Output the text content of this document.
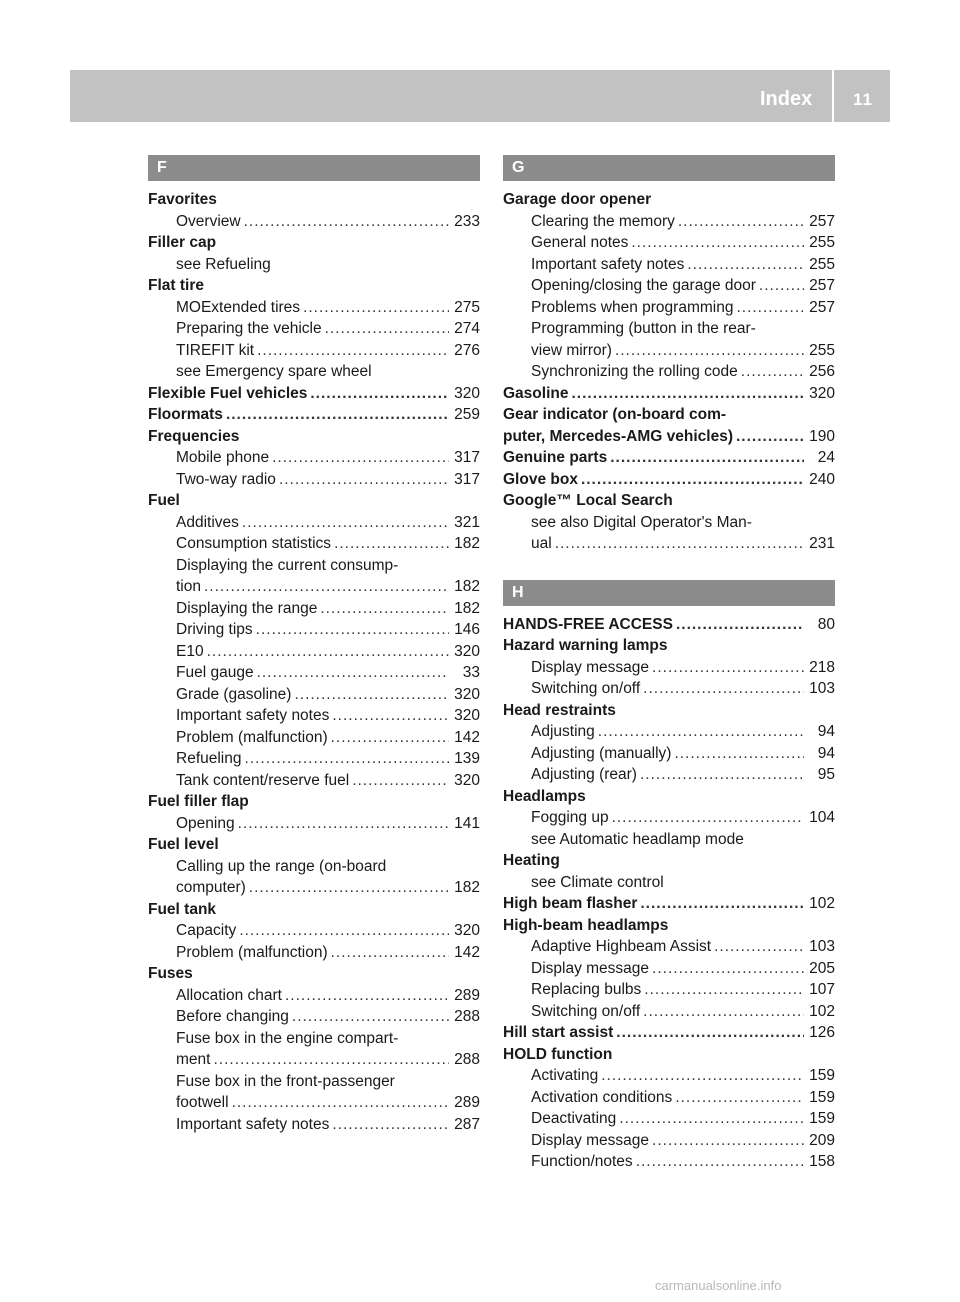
Index 11
F
Favorites
Overview .....	233
Filler cap
see Refueling
Flat tire
MOExtended tires .....	275
Preparing the vehicle .....	274
TIREFIT kit .....	276
see Emergency spare wheel
Flexible Fuel vehicles .....	320
Floormats .....	259
Frequencies
Mobile phone .....	317
Two-way radio .....	317
Fuel
Additives .....	321
Consumption statistics .....	182
Displaying the current consump-
tion .....	182
Displaying the range .....	182
Driving tips .....	146
E10 .....	320
Fuel gauge .....	33
Grade (gasoline) .....	320
Important safety notes .....	320
Problem (malfunction) .....	142
Refueling .....	139
Tank content/reserve fuel .....	320
Fuel filler flap
Opening .....	141
Fuel level
Calling up the range (on-board
computer) .....	182
Fuel tank
Capacity .....	320
Problem (malfunction) .....	142
Fuses
Allocation chart .....	289
Before changing .....	288
Fuse box in the engine compart-
ment .....	288
Fuse box in the front-passenger
footwell .....	289
Important safety notes .....	287
G
Garage door opener
Clearing the memory .....	257
General notes .....	255
Important safety notes .....	255
Opening/closing the garage door .....	257
Problems when programming .....	257
Programming (button in the rear-
view mirror) .....	255
Synchronizing the rolling code .....	256
Gasoline .....	320
Gear indicator (on-board com-
puter, Mercedes-AMG vehicles) .....	190
Genuine parts .....	24
Glove box .....	240
Google™ Local Search
see also Digital Operator's Man-
ual .....	231
H
HANDS-FREE ACCESS .....	80
Hazard warning lamps
Display message .....	218
Switching on/off .....	103
Head restraints
Adjusting .....	94
Adjusting (manually) .....	94
Adjusting (rear) .....	95
Headlamps
Fogging up .....	104
see Automatic headlamp mode
Heating
see Climate control
High beam flasher .....	102
High-beam headlamps
Adaptive Highbeam Assist .....	103
Display message .....	205
Replacing bulbs .....	107
Switching on/off .....	102
Hill start assist .....	126
HOLD function
Activating .....	159
Activation conditions .....	159
Deactivating .....	159
Display message .....	209
Function/notes .....	158
carmanualsonline.info
